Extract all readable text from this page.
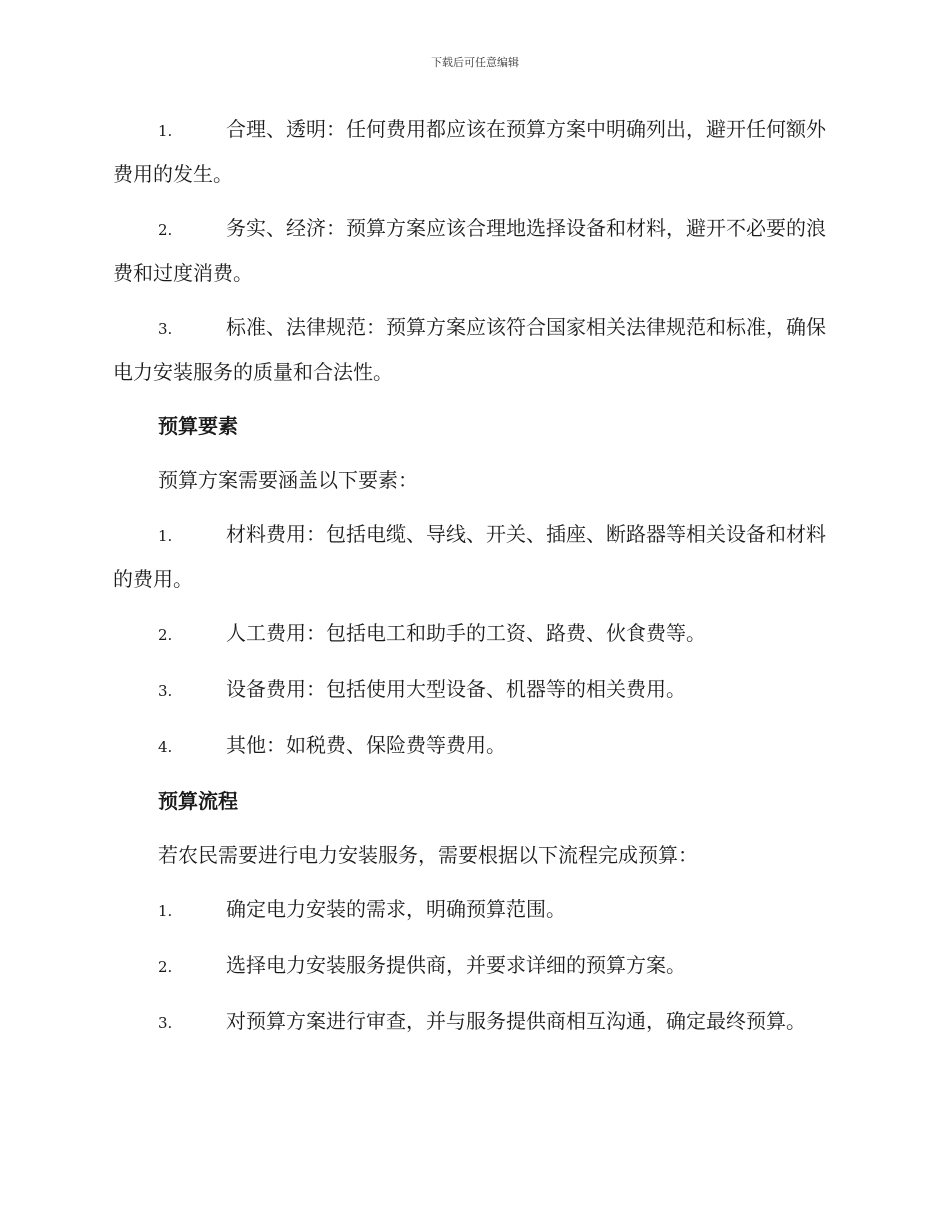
下载后可任意编辑

1.	合理、透明：任何费用都应该在预算方案中明确列出，避开任何额外费用的发生。

2.	务实、经济：预算方案应该合理地选择设备和材料，避开不必要的浪费和过度消费。

3.	标准、法律规范：预算方案应该符合国家相关法律规范和标准，确保电力安装服务的质量和合法性。

预算要素

预算方案需要涵盖以下要素：

1.	材料费用：包括电缆、导线、开关、插座、断路器等相关设备和材料的费用。

2.	人工费用：包括电工和助手的工资、路费、伙食费等。

3.	设备费用：包括使用大型设备、机器等的相关费用。

4.	其他：如税费、保险费等费用。

预算流程

若农民需要进行电力安装服务，需要根据以下流程完成预算：

1.	确定电力安装的需求，明确预算范围。

2.	选择电力安装服务提供商，并要求详细的预算方案。

3.	对预算方案进行审查，并与服务提供商相互沟通，确定最终预算。
